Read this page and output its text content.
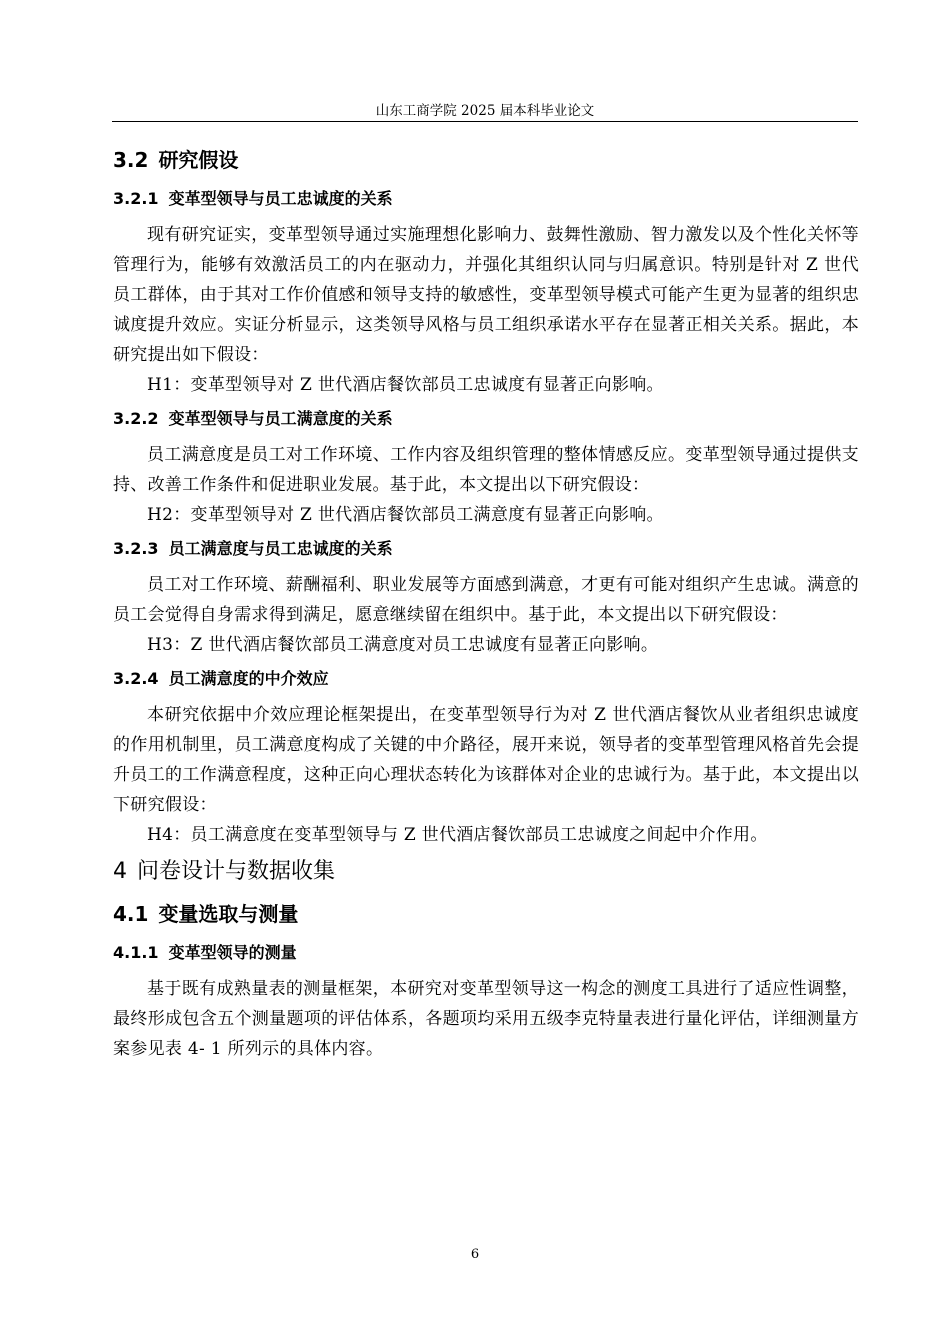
山东工商学院 2025 届本科毕业论文
3.2 研究假设
3.2.1 变革型领导与员工忠诚度的关系

现有研究证实，变革型领导通过实施理想化影响力、鼓舞性激励、智力激发以及个性化关怀等管理行为，能够有效激活员工的内在驱动力，并强化其组织认同与归属意识。特别是针对 Z 世代员工群体，由于其对工作价值感和领导支持的敏感性，变革型领导模式可能产生更为显著的组织忠诚度提升效应。实证分析显示，这类领导风格与员工组织承诺水平存在显著正相关关系。据此，本研究提出如下假设：

H1：变革型领导对 Z 世代酒店餐饮部员工忠诚度有显著正向影响。

3.2.2 变革型领导与员工满意度的关系

员工满意度是员工对工作环境、工作内容及组织管理的整体情感反应。变革型领导通过提供支持、改善工作条件和促进职业发展。基于此，本文提出以下研究假设：

H2：变革型领导对 Z 世代酒店餐饮部员工满意度有显著正向影响。

3.2.3 员工满意度与员工忠诚度的关系

员工对工作环境、薪酬福利、职业发展等方面感到满意，才更有可能对组织产生忠诚。满意的员工会觉得自身需求得到满足，愿意继续留在组织中。基于此，本文提出以下研究假设：

H3：Z 世代酒店餐饮部员工满意度对员工忠诚度有显著正向影响。

3.2.4 员工满意度的中介效应

本研究依据中介效应理论框架提出，在变革型领导行为对 Z 世代酒店餐饮从业者组织忠诚度的作用机制里，员工满意度构成了关键的中介路径，展开来说，领导者的变革型管理风格首先会提升员工的工作满意程度，这种正向心理状态转化为该群体对企业的忠诚行为。基于此，本文提出以下研究假设：

H4：员工满意度在变革型领导与 Z 世代酒店餐饮部员工忠诚度之间起中介作用。

4 问卷设计与数据收集
4.1 变量选取与测量
4.1.1 变革型领导的测量

基于既有成熟量表的测量框架，本研究对变革型领导这一构念的测度工具进行了适应性调整，最终形成包含五个测量题项的评估体系，各题项均采用五级李克特量表进行量化评估，详细测量方案参见表 4- 1 所列示的具体内容。

6
